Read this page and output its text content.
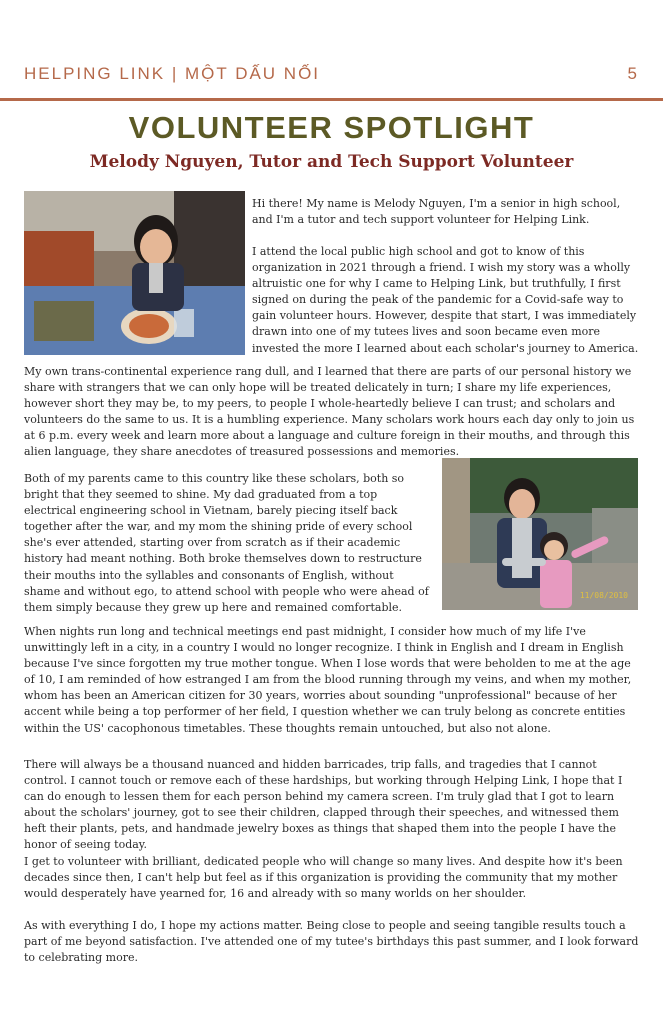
HELPING LINK | MỘT DẤU NỐI	5
VOLUNTEER SPOTLIGHT
Melody Nguyen, Tutor and Tech Support Volunteer
11/08/2010

Hi there! My name is Melody Nguyen, I'm a senior in high school, and I'm a tutor and tech support volunteer for Helping Link.

I attend the local public high school and got to know of this organization in 2021 through a friend. I wish my story was a wholly altruistic one for why I came to Helping Link, but truthfully, I first signed on during the peak of the pandemic for a Covid-safe way to gain volunteer hours. However, despite that start, I was immediately drawn into one of my tutees lives and soon became even more invested the more I learned about each scholar's journey to America.

My own trans-continental experience rang dull, and I learned that there are parts of our personal history we share with strangers that we can only hope will be treated delicately in turn; I share my life experiences, however short they may be, to my peers, to people I whole-heartedly believe I can trust; and scholars and volunteers do the same to us. It is a humbling experience. Many scholars work hours each day only to join us at 6 p.m. every week and learn more about a language and culture foreign in their mouths, and through this alien language, they share anecdotes of treasured possessions and memories.

Both of my parents came to this country like these scholars, both so bright that they seemed to shine. My dad graduated from a top electrical engineering school in Vietnam, barely piecing itself back together after the war, and my mom the shining pride of every school she's ever attended, starting over from scratch as if their academic history had meant nothing. Both broke themselves down to restructure their mouths into the syllables and consonants of English, without shame and without ego, to attend school with people who were ahead of them simply because they grew up here and remained comfortable.

When nights run long and technical meetings end past midnight, I consider how much of my life I've unwittingly left in a city, in a country I would no longer recognize. I think in English and I dream in English because I've since forgotten my true mother tongue. When I lose words that were beholden to me at the age of 10, I am reminded of how estranged I am from the blood running through my veins, and when my mother, whom has been an American citizen for 30 years, worries about sounding "unprofessional" because of her accent while being a top performer of her field, I question whether we can truly belong as concrete entities within the US' cacophonous timetables. These thoughts remain untouched, but also not alone.

There will always be a thousand nuanced and hidden barricades, trip falls, and tragedies that I cannot control. I cannot touch or remove each of these hardships, but working through Helping Link, I hope that I can do enough to lessen them for each person behind my camera screen. I'm truly glad that I got to learn about the scholars' journey, got to see their children, clapped through their speeches, and witnessed them heft their plants, pets, and handmade jewelry boxes as things that shaped them into the people I have the honor of seeing today.

I get to volunteer with brilliant, dedicated people who will change so many lives. And despite how it's been decades since then, I can't help but feel as if this organization is providing the community that my mother would desperately have yearned for, 16 and already with so many worlds on her shoulder.

As with everything I do, I hope my actions matter. Being close to people and seeing tangible results touch a part of me beyond satisfaction. I've attended one of my tutee's birthdays this past summer, and I look forward to celebrating more.
